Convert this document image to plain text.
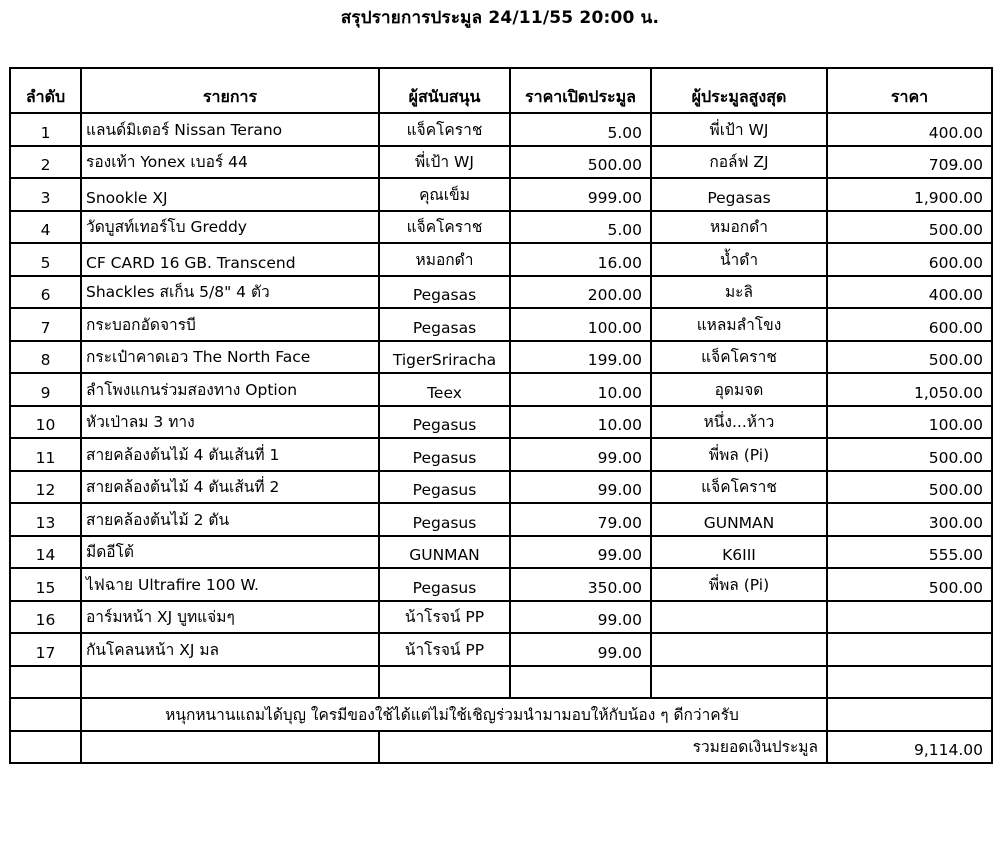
สรุปรายการประมูล 24/11/55 20:00 น.
ลำดับ	รายการ	ผู้สนับสนุน	ราคาเปิดประมูล	ผู้ประมูลสูงสุด	ราคา
1	แลนด์มิเตอร์ Nissan Terano	แจ็คโคราช	5.00	พี่เป้า WJ	400.00
2	รองเท้า Yonex เบอร์ 44	พี่เป้า WJ	500.00	กอล์ฟ ZJ	709.00
3	Snookle XJ	คุณเข็ม	999.00	Pegasas	1,900.00
4	วัดบูสท์เทอร์โบ Greddy	แจ็คโคราช	5.00	หมอกดำ	500.00
5	CF CARD 16 GB. Transcend	หมอกดำ	16.00	น้ำดำ	600.00
6	Shackles สเก็น 5/8" 4 ตัว	Pegasas	200.00	มะลิ	400.00
7	กระบอกอัดจารบี	Pegasas	100.00	แหลมลำโขง	600.00
8	กระเป๋าคาดเอว The North Face	TigerSriracha	199.00	แจ็คโคราช	500.00
9	ลำโพงแกนร่วมสองทาง Option	Teex	10.00	อุดมจด	1,050.00
10	หัวเป่าลม 3 ทาง	Pegasus	10.00	หนึ่ง...ห้าว	100.00
11	สายคล้องต้นไม้ 4 ตันเส้นที่ 1	Pegasus	99.00	พี่พล (Pi)	500.00
12	สายคล้องต้นไม้ 4 ตันเส้นที่ 2	Pegasus	99.00	แจ็คโคราช	500.00
13	สายคล้องต้นไม้ 2 ตัน	Pegasus	79.00	GUNMAN	300.00
14	มีดอีโต้	GUNMAN	99.00	K6III	555.00
15	ไฟฉาย Ultrafire 100 W.	Pegasus	350.00	พี่พล (Pi)	500.00
16	อาร์มหน้า XJ บูทแจ่มๆ	น้าโรจน์ PP	99.00		
17	กันโคลนหน้า XJ มล	น้าโรจน์ PP	99.00		

	หนุกหนานแถมได้บุญ ใครมีของใช้ได้แต่ไม่ใช้เชิญร่วมนำมามอบให้กับน้อง ๆ ดีกว่าครับ				
		รวมยอดเงินประมูล			9,114.00
